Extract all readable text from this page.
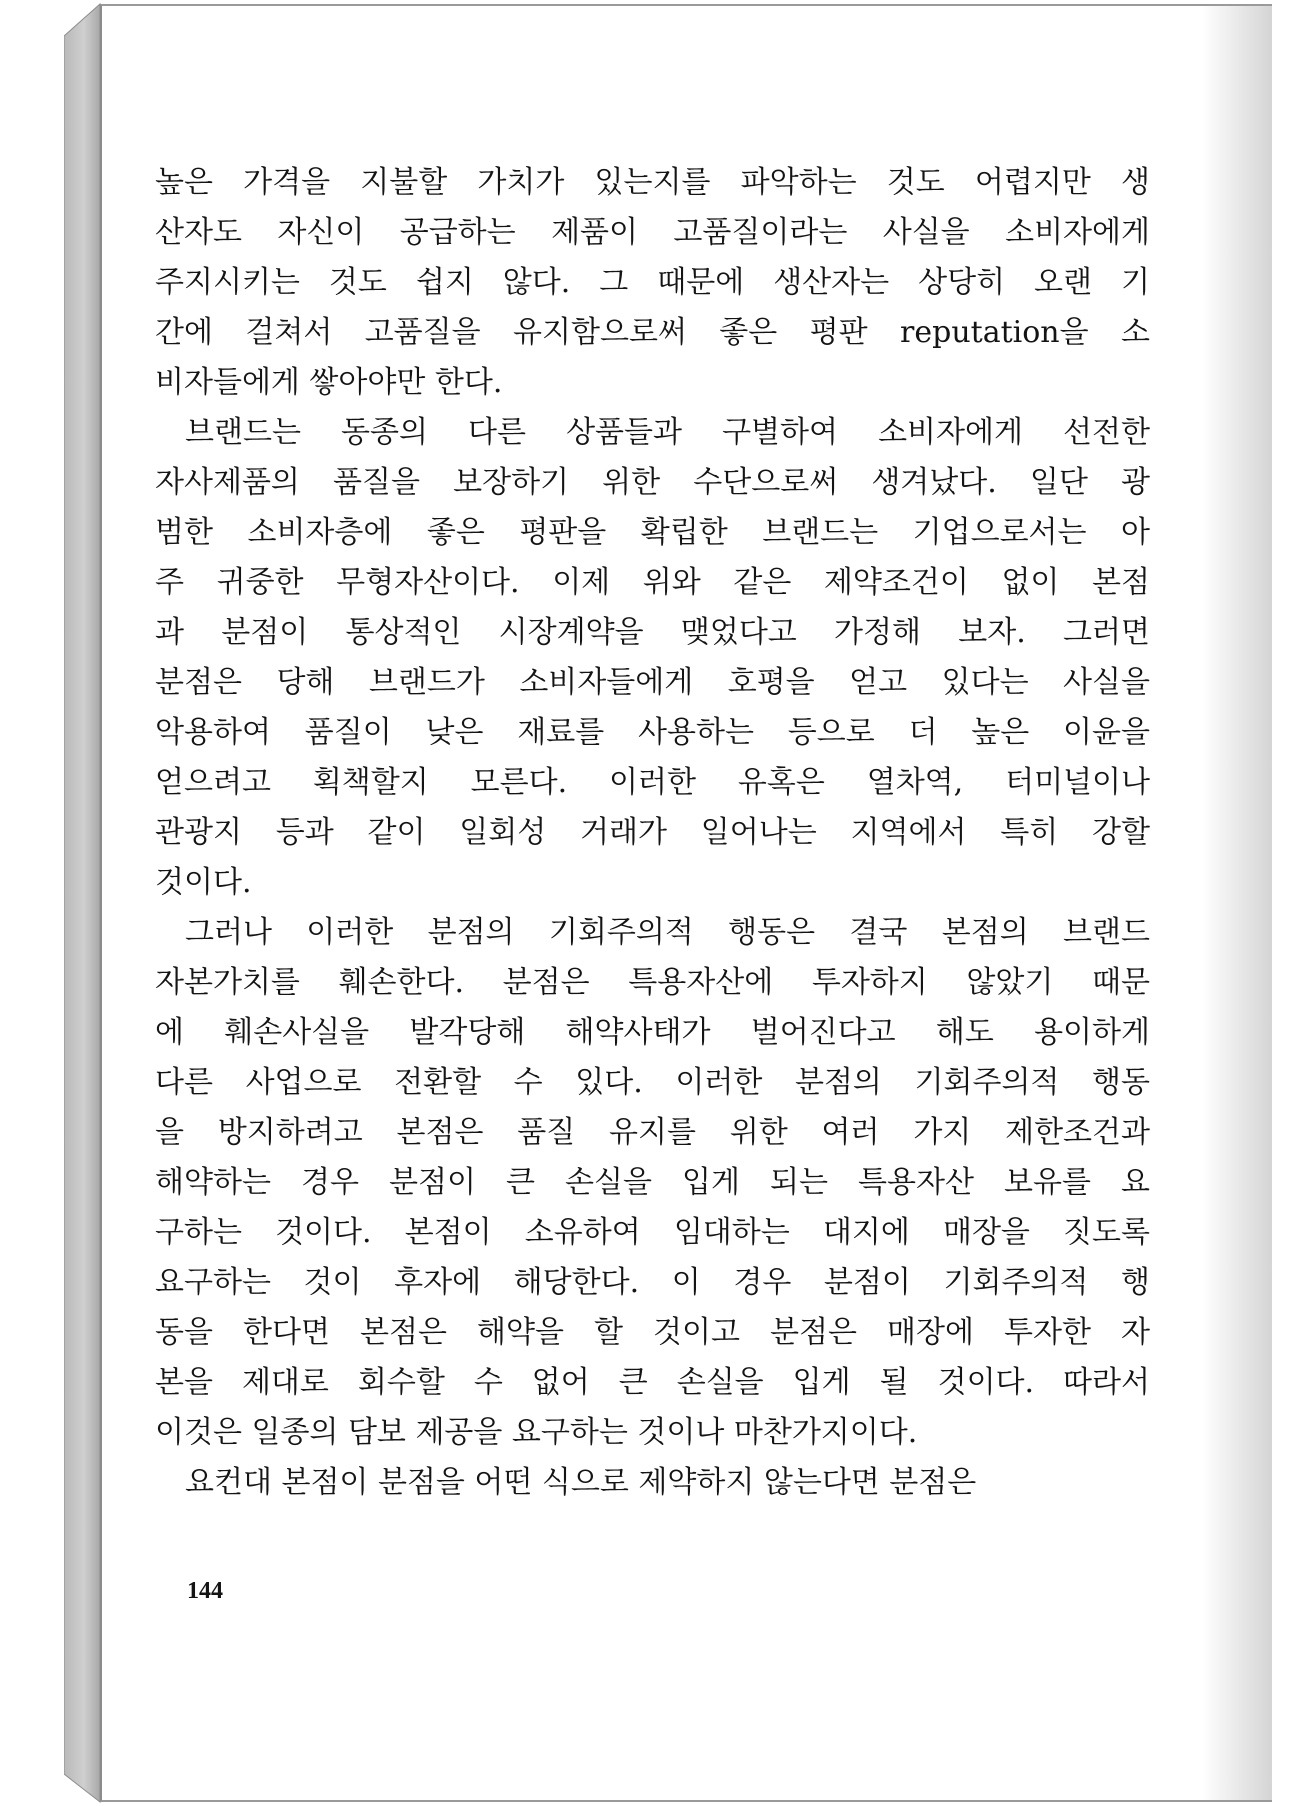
높은 가격을 지불할 가치가 있는지를 파악하는 것도 어렵지만 생
산자도 자신이 공급하는 제품이 고품질이라는 사실을 소비자에게
주지시키는 것도 쉽지 않다. 그 때문에 생산자는 상당히 오랜 기
간에 걸쳐서 고품질을 유지함으로써 좋은 평판 reputation을 소
비자들에게 쌓아야만 한다.
브랜드는 동종의 다른 상품들과 구별하여 소비자에게 선전한
자사제품의 품질을 보장하기 위한 수단으로써 생겨났다. 일단 광
범한 소비자층에 좋은 평판을 확립한 브랜드는 기업으로서는 아
주 귀중한 무형자산이다. 이제 위와 같은 제약조건이 없이 본점
과 분점이 통상적인 시장계약을 맺었다고 가정해 보자. 그러면
분점은 당해 브랜드가 소비자들에게 호평을 얻고 있다는 사실을
악용하여 품질이 낮은 재료를 사용하는 등으로 더 높은 이윤을
얻으려고 획책할지 모른다. 이러한 유혹은 열차역, 터미널이나
관광지 등과 같이 일회성 거래가 일어나는 지역에서 특히 강할
것이다.
그러나 이러한 분점의 기회주의적 행동은 결국 본점의 브랜드
자본가치를 훼손한다. 분점은 특용자산에 투자하지 않았기 때문
에 훼손사실을 발각당해 해약사태가 벌어진다고 해도 용이하게
다른 사업으로 전환할 수 있다. 이러한 분점의 기회주의적 행동
을 방지하려고 본점은 품질 유지를 위한 여러 가지 제한조건과
해약하는 경우 분점이 큰 손실을 입게 되는 특용자산 보유를 요
구하는 것이다. 본점이 소유하여 임대하는 대지에 매장을 짓도록
요구하는 것이 후자에 해당한다. 이 경우 분점이 기회주의적 행
동을 한다면 본점은 해약을 할 것이고 분점은 매장에 투자한 자
본을 제대로 회수할 수 없어 큰 손실을 입게 될 것이다. 따라서
이것은 일종의 담보 제공을 요구하는 것이나 마찬가지이다.
요컨대 본점이 분점을 어떤 식으로 제약하지 않는다면 분점은
144
